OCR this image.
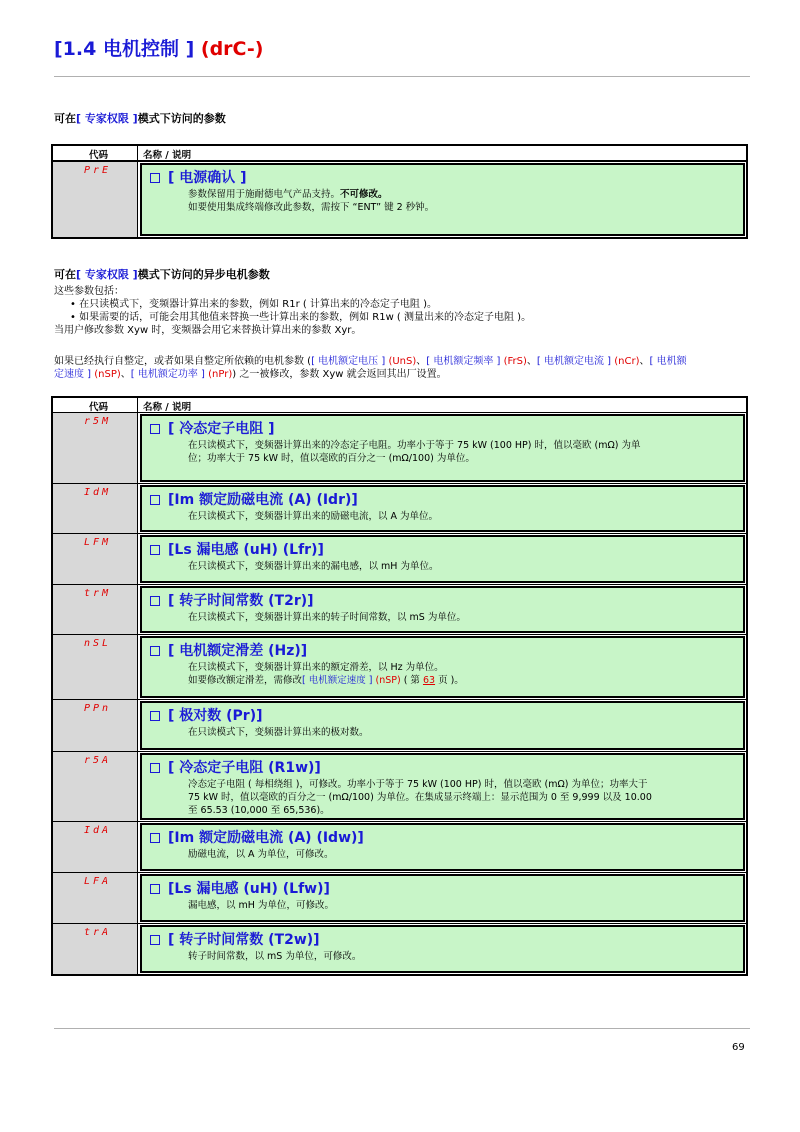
[1.4 电机控制 ] (drC-)
可在[ 专家权限 ]模式下访问的参数
代码	名称 / 说明
PrE	[ 电源确认 ]

参数保留用于施耐德电气产品支持。不可修改。

如要使用集成终端修改此参数，需按下 “ENT” 键 2 秒钟。

可在[ 专家权限 ]模式下访问的异步电机参数

这些参数包括：

• 在只读模式下，变频器计算出来的参数，例如 R1r ( 计算出来的冷态定子电阻 )。

• 如果需要的话，可能会用其他值来替换一些计算出来的参数，例如 R1w ( 测量出来的冷态定子电阻 )。

当用户修改参数 Xyw 时，变频器会用它来替换计算出来的参数 Xyr。

如果已经执行自整定，或者如果自整定所依赖的电机参数 ([ 电机额定电压 ] (UnS)、[ 电机额定频率 ] (FrS)、[ 电机额定电流 ] (nCr)、[ 电机额

定速度 ] (nSP)、[ 电机额定功率 ] (nPr)) 之一被修改，参数 Xyw 就会返回其出厂设置。

代码	名称 / 说明
r5M	[ 冷态定子电阻 ]

在只读模式下，变频器计算出来的冷态定子电阻。功率小于等于 75 kW (100 HP) 时，值以毫欧 (mΩ) 为单

位；功率大于 75 kW 时，值以毫欧的百分之一 (mΩ/100) 为单位。

IdM	[Im 额定励磁电流 (A) (Idr)]

在只读模式下，变频器计算出来的励磁电流，以 A 为单位。

LFM	[Ls 漏电感 (uH) (Lfr)]

在只读模式下，变频器计算出来的漏电感，以 mH 为单位。

trM	[ 转子时间常数 (T2r)]

在只读模式下，变频器计算出来的转子时间常数，以 mS 为单位。

nSL	[ 电机额定滑差 (Hz)]

在只读模式下，变频器计算出来的额定滑差，以 Hz 为单位。

如要修改额定滑差，需修改[ 电机额定速度 ] (nSP) ( 第 63 页 )。

PPn	[ 极对数 (Pr)]

在只读模式下，变频器计算出来的极对数。

r5A	[ 冷态定子电阻 (R1w)]

冷态定子电阻 ( 每相绕组 )，可修改。功率小于等于 75 kW (100 HP) 时，值以毫欧 (mΩ) 为单位；功率大于

75 kW 时，值以毫欧的百分之一 (mΩ/100) 为单位。在集成显示终端上：显示范围为 0 至 9,999 以及 10.00

至 65.53 (10,000 至 65,536)。

IdA	[Im 额定励磁电流 (A) (Idw)]

励磁电流，以 A 为单位，可修改。

LFA	[Ls 漏电感 (uH) (Lfw)]

漏电感，以 mH 为单位，可修改。

trA	[ 转子时间常数 (T2w)]

转子时间常数，以 mS 为单位，可修改。

69
